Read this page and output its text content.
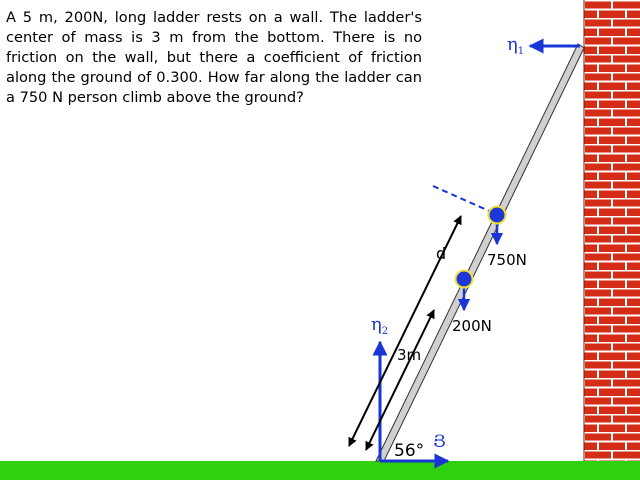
$\eta_1$
$\eta_2$
Յ
56°
750N
200N
d
3m

A 5 m, 200N, long ladder rests on a wall. The ladder's center of mass is 3 m from the bottom. There is no friction on the wall, but there a coefficient of friction along the ground of 0.300. How far along the ladder can a 750 N person climb above the ground?
